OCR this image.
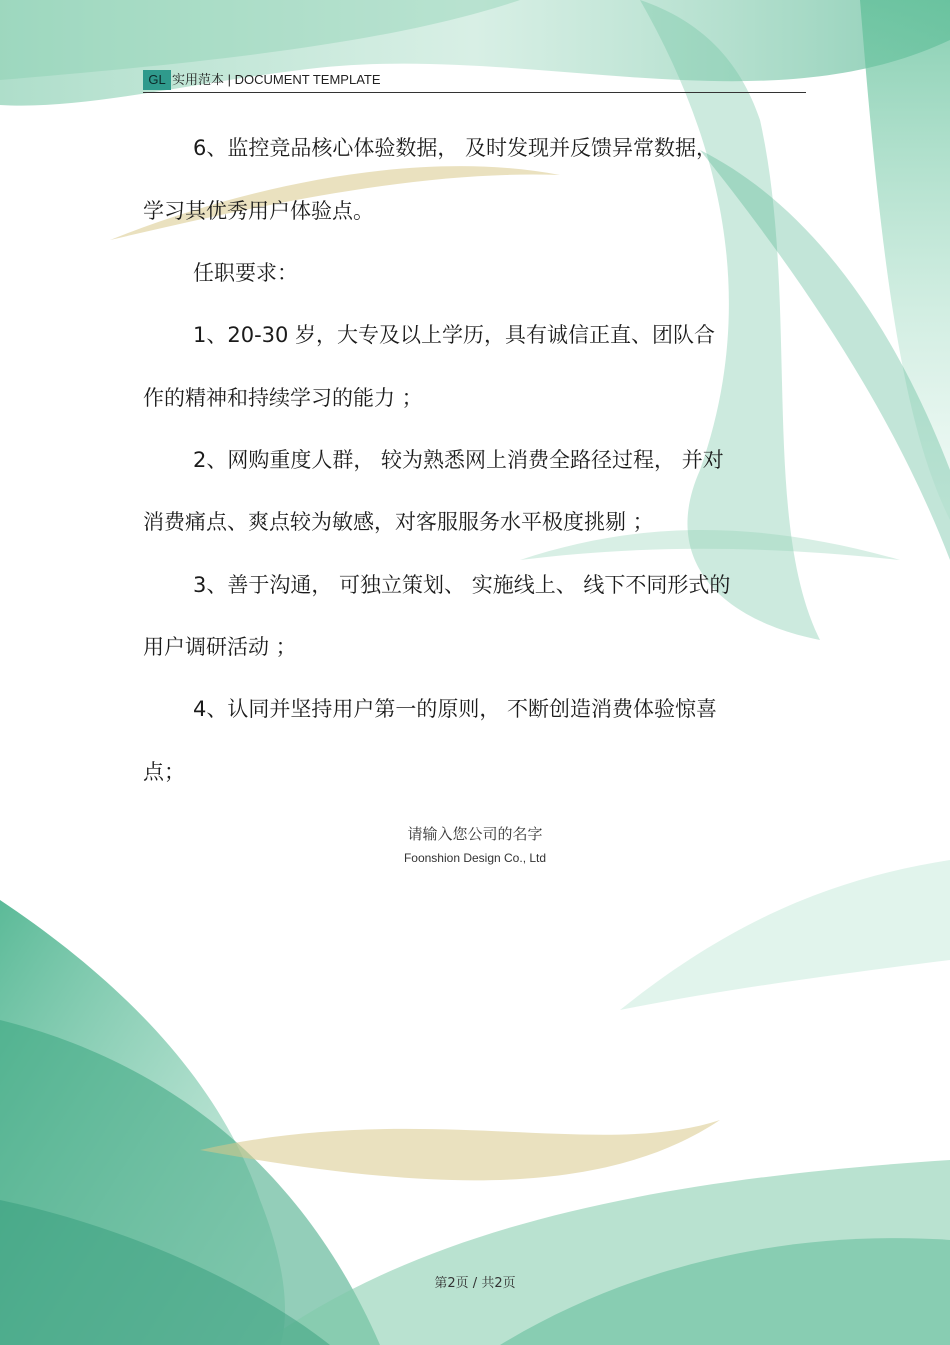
GL 实用范本 | DOCUMENT TEMPLATE
6、监控竞品核心体验数据， 及时发现并反馈异常数据，
学习其优秀用户体验点。
任职要求：
1、20-30 岁，大专及以上学历，具有诚信正直、团队合
作的精神和持续学习的能力 ；
2、网购重度人群， 较为熟悉网上消费全路径过程， 并对
消费痛点、爽点较为敏感，对客服服务水平极度挑剔 ；
3、善于沟通， 可独立策划、 实施线上、 线下不同形式的
用户调研活动 ；
4、认同并坚持用户第一的原则， 不断创造消费体验惊喜
点；
请输入您公司的名字
Foonshion Design Co., Ltd
第2页 / 共2页
